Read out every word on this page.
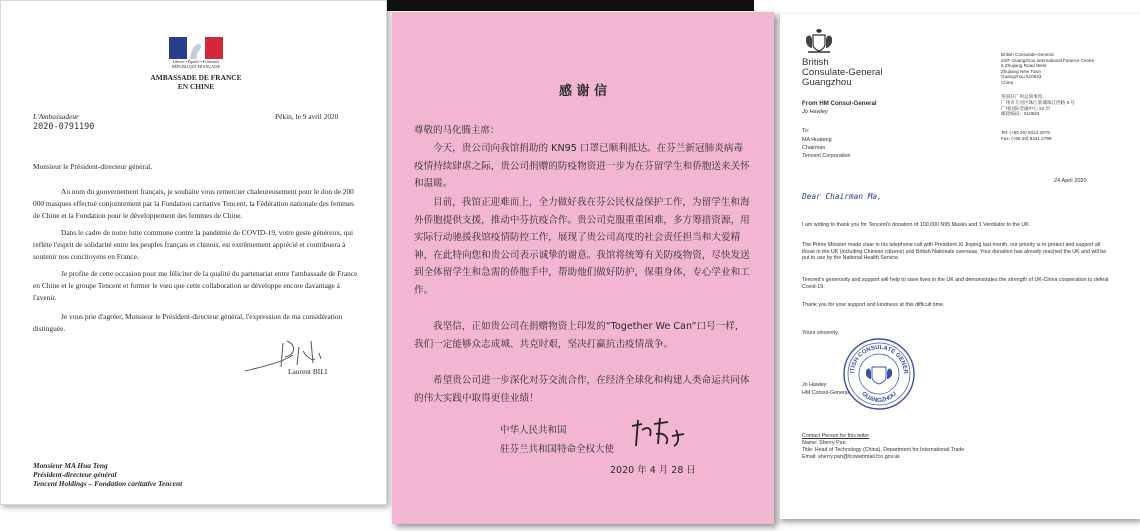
Liberté • Égalité • Fraternité
RÉPUBLIQUE FRANÇAISE
AMBASSADE DE FRANCE
EN CHINE
L'Ambassadeur
2020-0791190
Pékin, le 9 avril 2020
Monsieur le Président-directeur général,
Au nom du gouvernement français, je souhaite vous remercier chaleureusement pour le don de 200 000 masques effectué conjointement par la Fondation caritative Tencent, la Fédération nationale des femmes de Chine et la Fondation pour le développement des femmes de Chine.
Dans le cadre de notre lutte commune contre la pandémie de COVID-19, votre geste généreux, qui reflète l'esprit de solidarité entre les peuples français et chinois, est extrêmement apprécié et contribuera à soutenir nos concitoyens en France.
Je profite de cette occasion pour me féliciter de la qualité du partenariat entre l'ambassade de France en Chine et le groupe Tencent et former le vœu que cette collaboration se développe encore davantage à l'avenir.
Je vous prie d'agréer, Monsieur le Président-directeur général, l'expression de ma considération distinguée.
Laurent BILI
Monsieur MA Hua Teng
Président-directeur général
Tencent Holdings – Fondation caritative Tencent
感 谢 信
尊敬的马化腾主席：
今天，贵公司向我馆捐助的 KN95 口罩已顺利抵达。在芬兰新冠肺炎病毒疫情持续肆虐之际，贵公司捐赠的防疫物资进一步为在芬留学生和侨胞送来关怀和温暖。
目前，我馆正迎难而上，全力做好我在芬公民权益保护工作，为留学生和海外侨胞提供支援，推动中芬抗疫合作。贵公司克服重重困难，多方筹措资源，用实际行动驰援我馆疫情防控工作，展现了贵公司高度的社会责任担当和大爱精神，在此特向您和贵公司表示诚挚的谢意。我馆将统筹有关防疫物资，尽快发送到全体留学生和急需的侨胞手中，帮助他们做好防护，保重身体，专心学业和工作。
我坚信，正如贵公司在捐赠物资上印发的“Together We Can”口号一样，我们一定能够众志成城、共克时艰，坚决打赢抗击疫情战争。
希望贵公司进一步深化对芬交流合作，在经济全球化和构建人类命运共同体的伟大实践中取得更佳业绩！
中华人民共和国
驻芬兰共和国特命全权大使
2020 年 4 月 28 日
British
Consulate-General
Guangzhou
British Consulate-General
22/F Guangzhou International Finance Centre
5 Zhujiang Road West
Zhujiang New Town
Guangzhou 510623
China
英国驻广州总领事馆
广州市天河区珠江新城珠江西路 5 号
广州国际金融中心 22 层
邮政编码：510623
From HM Consul-General
Jo Hawley
Tel: (+86 20) 8314 3079
Fax: (+86 20) 8331 2799
To:
MA Huateng
Chairman
Tencent Corporation
24 April 2020
Dear Chairman Ma,
I am writing to thank you for Tencent's donation of 100,000 N95 Masks and 1 Ventilator to the UK.
The Prime Minister made clear in his telephone call with President Xi Jinping last month, our priority is to protect and support all those in the UK (including Chinese citizens) and British Nationals overseas. Your donation has already reached the UK and will be put to use by the National Health Service.
Tencent's generosity and support will help to save lives in the UK and demonstrates the strength of UK-China cooperation to defeat Covid-19.
Thank you for your support and kindness at this difficult time.
Yours sincerely,
ITISH CONSULATE GENER
GUANGZHOU
Jo Hawley
HM Consul-General
Contact Person for this letter
Name: Sherry Pan
Title: Head of Technology (China), Department for International Trade
Email: sherry.pan@fcowebmail.fco.gov.uk
